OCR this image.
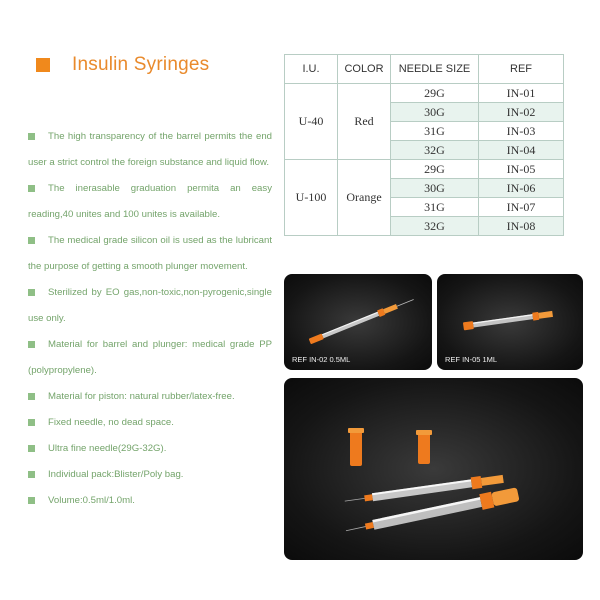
Insulin Syringes

The high transparency of the barrel permits the end user a strict control the foreign substance and liquid flow.

The inerasable graduation permita an easy reading,40 unites and 100 unites is available.

The medical grade silicon oil is used as the lubricant the purpose of getting a smooth plunger movement.

Sterilized by EO gas,non-toxic,non-pyrogenic,single use only.

Material for barrel and plunger: medical grade PP (polypropylene).

Material for piston: natural rubber/latex-free.

Fixed needle, no dead space.

Ultra fine needle(29G-32G).

Individual pack:Blister/Poly bag.

Volume:0.5ml/1.0ml.

I.U.	COLOR	NEEDLE SIZE	REF
U-40	Red	29G	IN-01
		30G	IN-02
		31G	IN-03
		32G	IN-04
U-100	Orange	29G	IN-05
		30G	IN-06
		31G	IN-07
		32G	IN-08
REF IN-02 0.5ML	REF IN-05 1ML
